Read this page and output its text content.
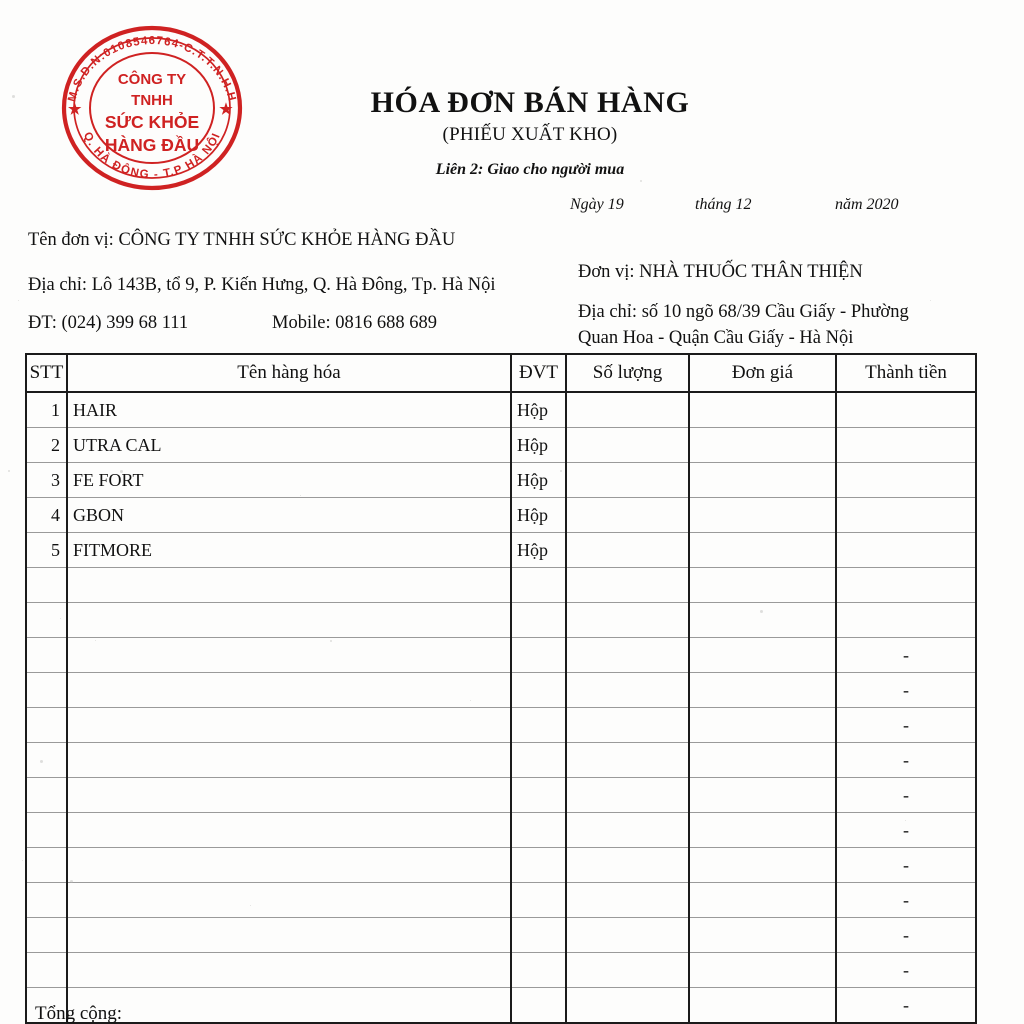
M.S.D.N:0108546764-C.T.T.N.H.H
Q. HÀ ĐÔNG - T.P HÀ NỘI
★	★
CÔNG TY
TNHH
SỨC KHỎE
HÀNG ĐẦU
HÓA ĐƠN BÁN HÀNG
(PHIẾU XUẤT KHO)
Liên 2: Giao cho người mua
Ngày 19	tháng 12	năm 2020
Tên đơn vị: CÔNG TY TNHH SỨC KHỎE HÀNG ĐẦU
Địa chỉ: Lô 143B, tổ 9, P. Kiến Hưng, Q. Hà Đông, Tp. Hà Nội
ĐT: (024) 399 68 111	Mobile: 0816 688 689
Đơn vị: NHÀ THUỐC THÂN THIỆN
Địa chỉ: số 10 ngõ 68/39 Cầu Giấy - Phường
Quan Hoa - Quận Cầu Giấy - Hà Nội
STT	Tên hàng hóa	ĐVT	Số lượng	Đơn giá	Thành tiền
1	HAIR	Hộp			
2	UTRA CAL	Hộp			
3	FE FORT	Hộp			
4	GBON	Hộp			
5	FITMORE	Hộp			

					-
					-
					-
					-
					-
					-
					-
					-
					-
					-
					-
Tổng cộng:
